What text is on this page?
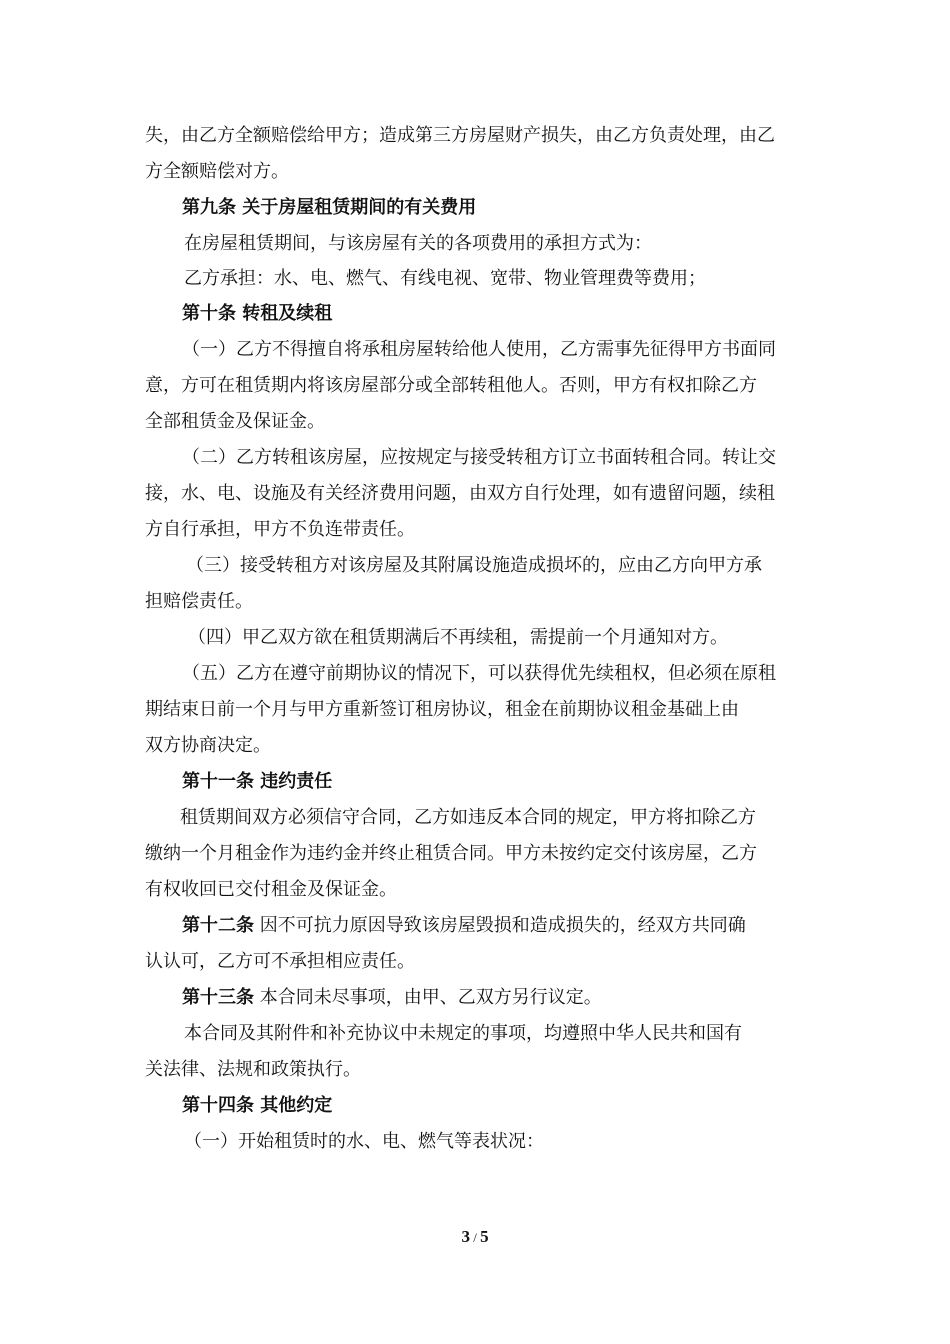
失，由乙方全额赔偿给甲方；造成第三方房屋财产损失，由乙方负责处理，由乙
方全额赔偿对方。
第九条 关于房屋租赁期间的有关费用
在房屋租赁期间，与该房屋有关的各项费用的承担方式为：
乙方承担：水、电、燃气、有线电视、宽带、物业管理费等费用；
第十条 转租及续租
（一）乙方不得擅自将承租房屋转给他人使用，乙方需事先征得甲方书面同
意，方可在租赁期内将该房屋部分或全部转租他人。否则，甲方有权扣除乙方
全部租赁金及保证金。
（二）乙方转租该房屋，应按规定与接受转租方订立书面转租合同。转让交
接，水、电、设施及有关经济费用问题，由双方自行处理，如有遗留问题，续租
方自行承担，甲方不负连带责任。
（三）接受转租方对该房屋及其附属设施造成损坏的，应由乙方向甲方承
担赔偿责任。
（四）甲乙双方欲在租赁期满后不再续租，需提前一个月通知对方。
（五）乙方在遵守前期协议的情况下，可以获得优先续租权，但必须在原租
期结束日前一个月与甲方重新签订租房协议，租金在前期协议租金基础上由
双方协商决定。
第十一条 违约责任
租赁期间双方必须信守合同，乙方如违反本合同的规定，甲方将扣除乙方
缴纳一个月租金作为违约金并终止租赁合同。甲方未按约定交付该房屋，乙方
有权收回已交付租金及保证金。
第十二条 因不可抗力原因导致该房屋毁损和造成损失的，经双方共同确
认认可，乙方可不承担相应责任。
第十三条 本合同未尽事项，由甲、乙双方另行议定。
本合同及其附件和补充协议中未规定的事项，均遵照中华人民共和国有
关法律、法规和政策执行。
第十四条 其他约定
（一）开始租赁时的水、电、燃气等表状况：
3 / 5
